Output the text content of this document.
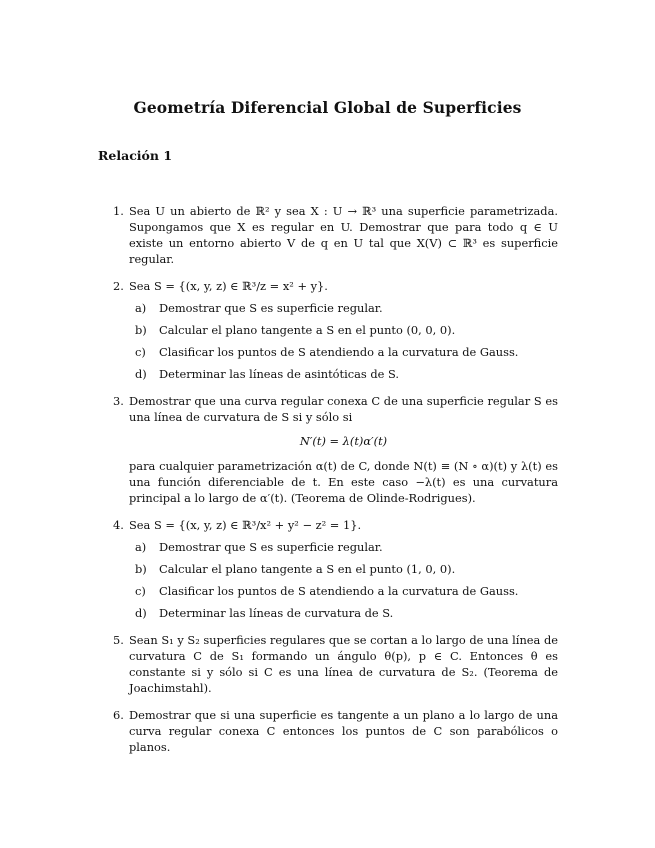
Geometría Diferencial Global de Superficies
Relación 1
1. Sea U un abierto de ℝ² y sea X : U → ℝ³ una superficie parametrizada. Supongamos que X es regular en U. Demostrar que para todo q ∈ U existe un entorno abierto V de q en U tal que X(V) ⊂ ℝ³ es superficie regular.

2. Sea S = {(x, y, z) ∈ ℝ³/z = x² + y}.

a) Demostrar que S es superficie regular.
b) Calcular el plano tangente a S en el punto (0, 0, 0).
c) Clasificar los puntos de S atendiendo a la curvatura de Gauss.
d) Determinar las líneas de asintóticas de S.
3. Demostrar que una curva regular conexa C de una superficie regular S es una línea de curvatura de S si y sólo si

N′(t) = λ(t)α′(t)

para cualquier parametrización α(t) de C, donde N(t) ≡ (N ∘ α)(t) y λ(t) es una función diferenciable de t. En este caso −λ(t) es una curvatura principal a lo largo de α′(t). (Teorema de Olinde-Rodrigues).

4. Sea S = {(x, y, z) ∈ ℝ³/x² + y² − z² = 1}.

a) Demostrar que S es superficie regular.
b) Calcular el plano tangente a S en el punto (1, 0, 0).
c) Clasificar los puntos de S atendiendo a la curvatura de Gauss.
d) Determinar las líneas de curvatura de S.
5. Sean S₁ y S₂ superficies regulares que se cortan a lo largo de una línea de curvatura C de S₁ formando un ángulo θ(p), p ∈ C. Entonces θ es constante si y sólo si C es una línea de curvatura de S₂. (Teorema de Joachimstahl).

6. Demostrar que si una superficie es tangente a un plano a lo largo de una curva regular conexa C entonces los puntos de C son parabólicos o planos.
